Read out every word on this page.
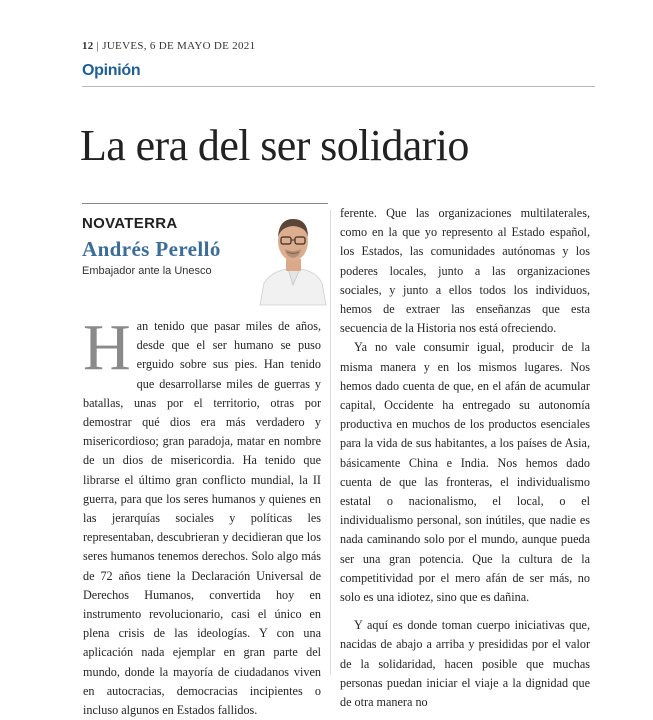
12 | JUEVES, 6 DE MAYO DE 2021
Opinión
La era del ser solidario
NOVATERRA
Andrés Perelló
Embajador ante la Unesco
H an tenido que pasar miles de años, desde que el ser humano se puso erguido sobre sus pies. Han tenido que desarrollarse miles de guerras y batallas, unas por el territorio, otras por demostrar qué dios era más verdadero y misericordioso; gran paradoja, matar en nombre de un dios de misericordia. Ha tenido que librarse el último gran conflicto mundial, la II guerra, para que los seres humanos y quienes en las jerarquías sociales y políticas les representaban, descubrieran y decidieran que los seres humanos tenemos derechos. Solo algo más de 72 años tiene la Declaración Universal de Derechos Humanos, convertida hoy en instrumento revolucionario, casi el único en plena crisis de las ideologías. Y con una aplicación nada ejemplar en gran parte del mundo, donde la mayoría de ciudadanos viven en autocracias, democracias incipientes o incluso algunos en Estados fallidos.

ferente. Que las organizaciones multilaterales, como en la que yo represento al Estado español, los Estados, las comunidades autónomas y los poderes locales, junto a las organizaciones sociales, y junto a ellos todos los individuos, hemos de extraer las enseñanzas que esta secuencia de la Historia nos está ofreciendo.

Ya no vale consumir igual, producir de la misma manera y en los mismos lugares. Nos hemos dado cuenta de que, en el afán de acumular capital, Occidente ha entregado su autonomía productiva en muchos de los productos esenciales para la vida de sus habitantes, a los países de Asia, básicamente China e India. Nos hemos dado cuenta de que las fronteras, el individualismo estatal o nacionalismo, el local, o el individualismo personal, son inútiles, que nadie es nada caminando solo por el mundo, aunque pueda ser una gran potencia. Que la cultura de la competitividad por el mero afán de ser más, no solo es una idiotez, sino que es dañina.

Y aquí es donde toman cuerpo iniciativas que, nacidas de abajo a arriba y presididas por el valor de la solidaridad, hacen posible que muchas personas puedan iniciar el viaje a la dignidad que de otra manera no
